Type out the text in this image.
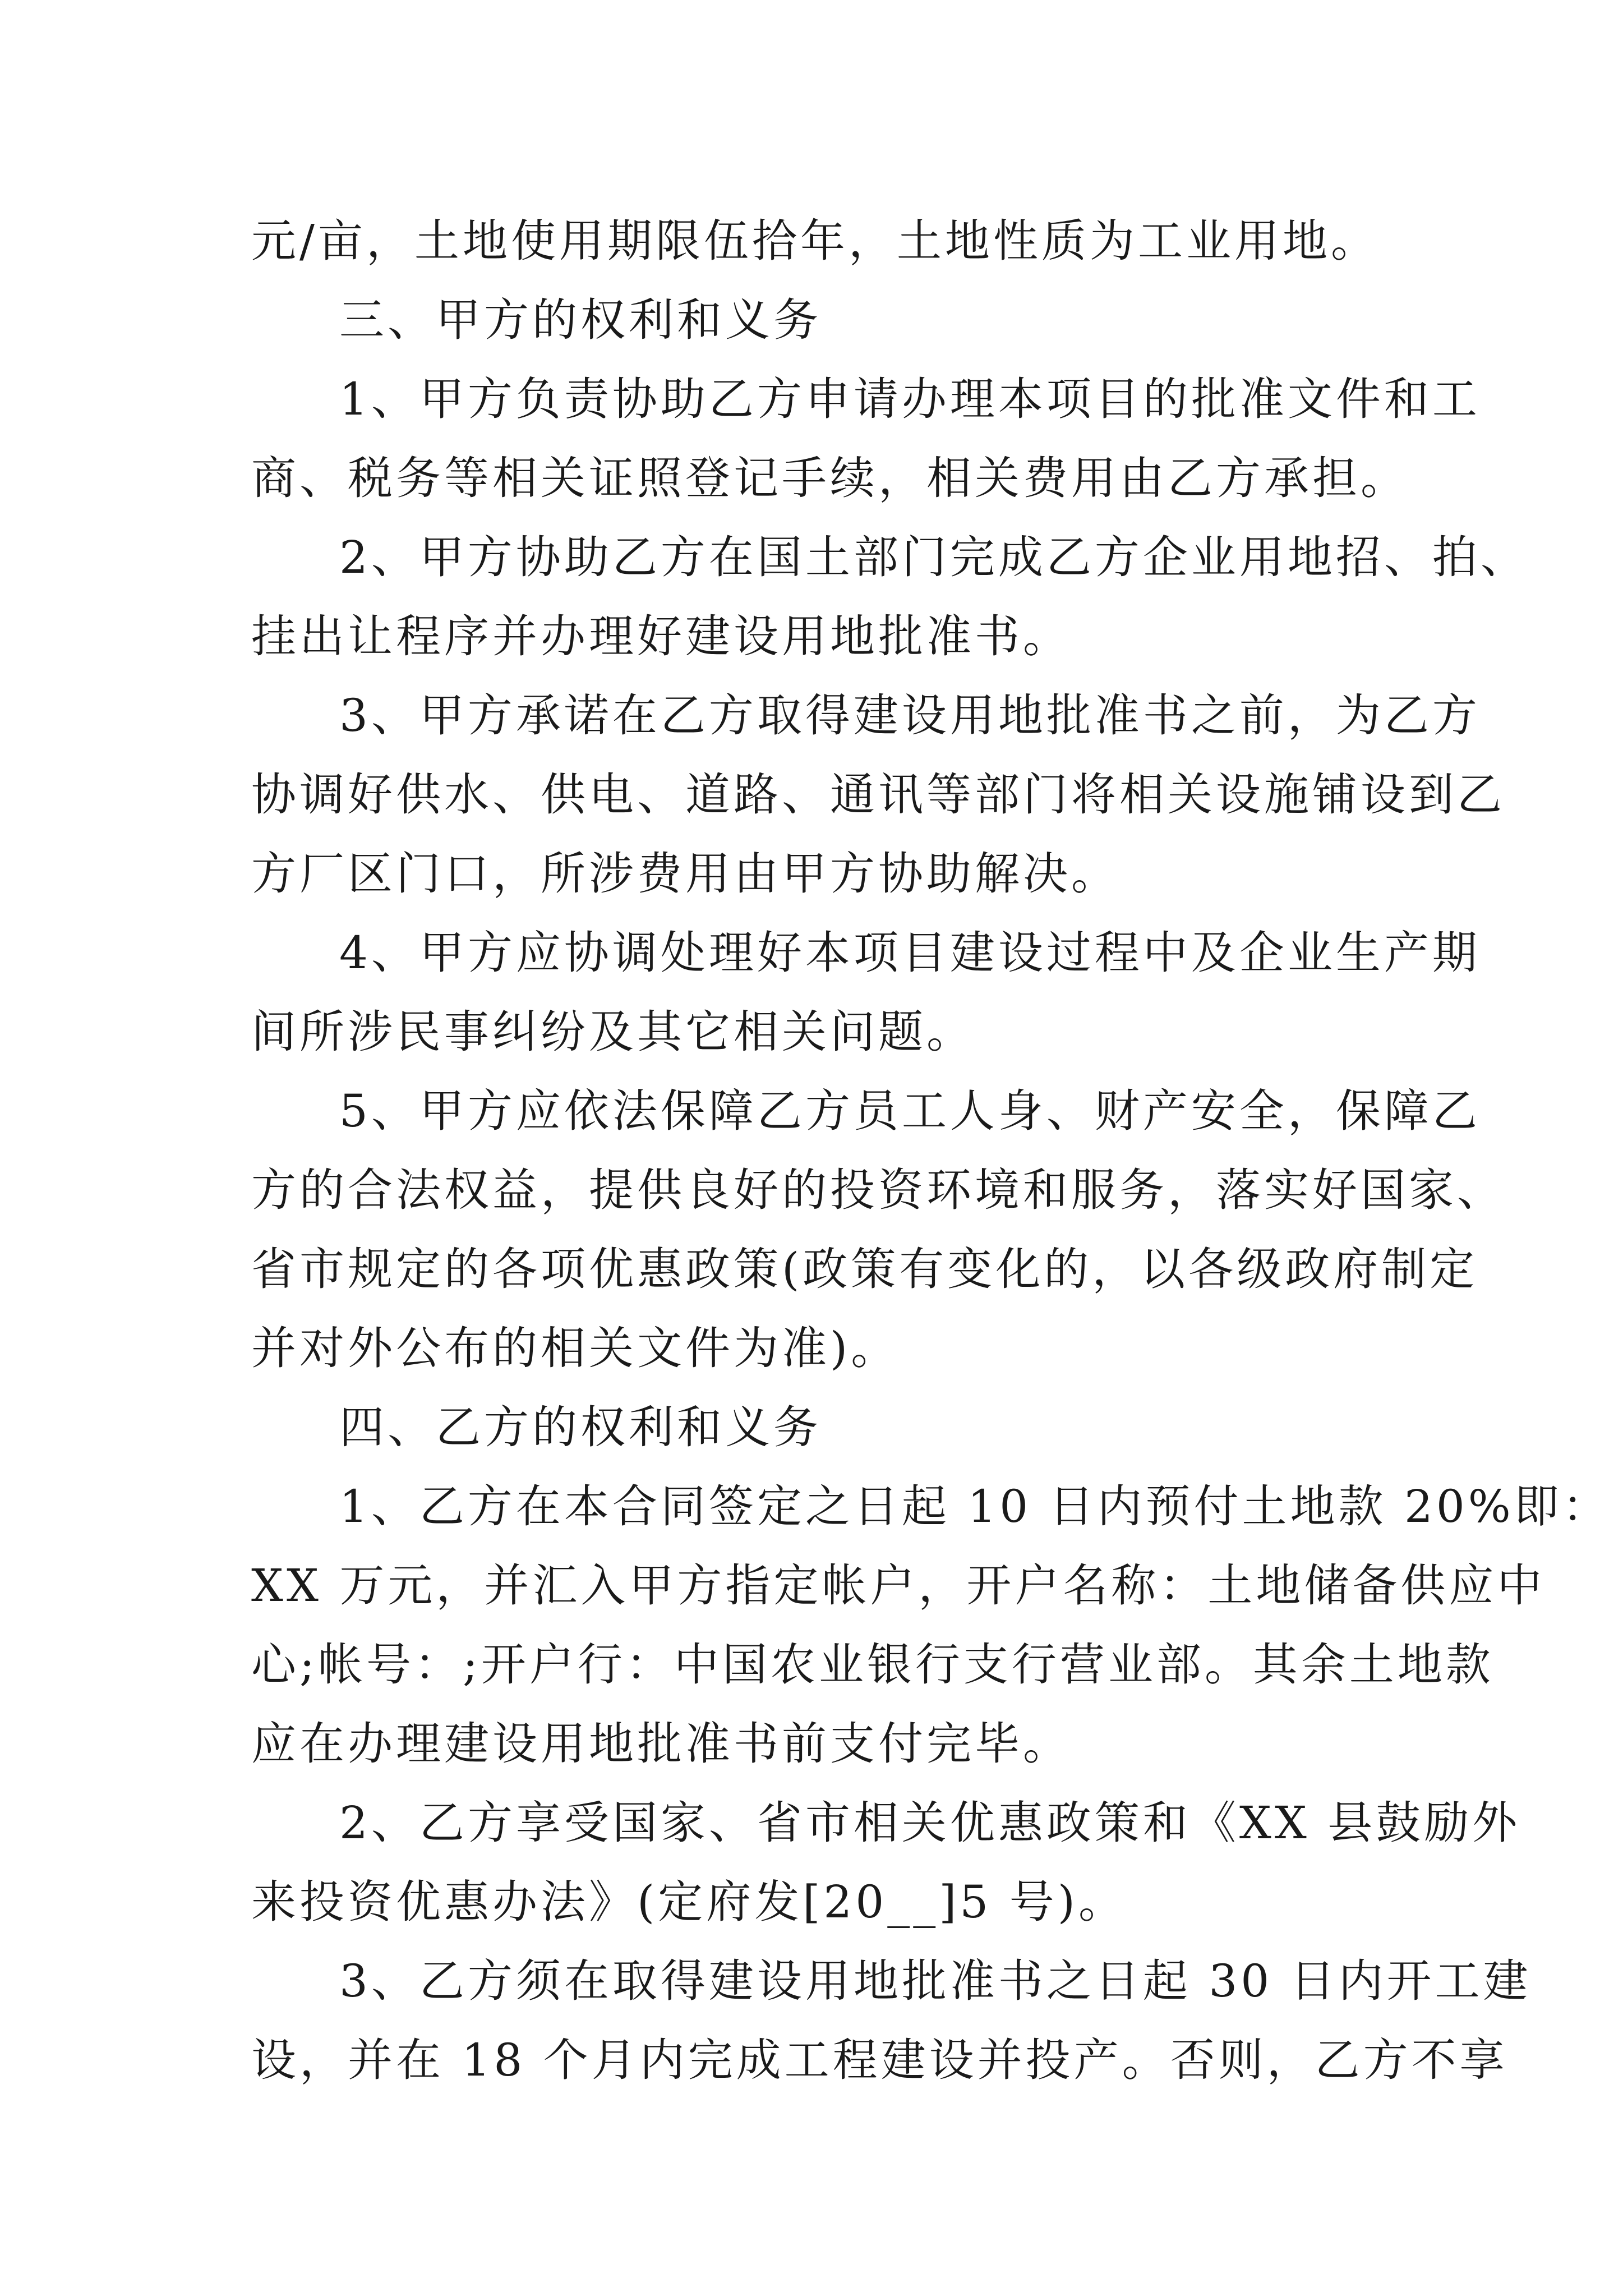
元/亩，土地使用期限伍拾年，土地性质为工业用地。
三、甲方的权利和义务
1、甲方负责协助乙方申请办理本项目的批准文件和工
商、税务等相关证照登记手续，相关费用由乙方承担。
2、甲方协助乙方在国土部门完成乙方企业用地招、拍、
挂出让程序并办理好建设用地批准书。
3、甲方承诺在乙方取得建设用地批准书之前，为乙方
协调好供水、供电、道路、通讯等部门将相关设施铺设到乙
方厂区门口，所涉费用由甲方协助解决。
4、甲方应协调处理好本项目建设过程中及企业生产期
间所涉民事纠纷及其它相关问题。
5、甲方应依法保障乙方员工人身、财产安全，保障乙
方的合法权益，提供良好的投资环境和服务，落实好国家、
省市规定的各项优惠政策(政策有变化的，以各级政府制定
并对外公布的相关文件为准)。
四、乙方的权利和义务
1、乙方在本合同签定之日起 10 日内预付土地款 20%即：
XX 万元，并汇入甲方指定帐户，开户名称：土地储备供应中
心;帐号：;开户行：中国农业银行支行营业部。其余土地款
应在办理建设用地批准书前支付完毕。
2、乙方享受国家、省市相关优惠政策和《XX 县鼓励外
来投资优惠办法》(定府发[20__]5 号)。
3、乙方须在取得建设用地批准书之日起 30 日内开工建
设，并在 18 个月内完成工程建设并投产。否则，乙方不享
